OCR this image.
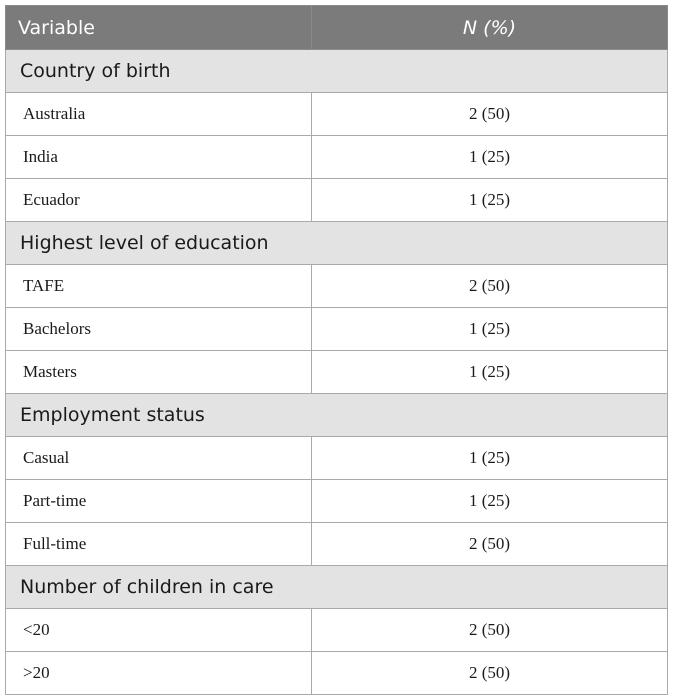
Variable	N (%)
Country of birth	
Australia	2 (50)
India	1 (25)
Ecuador	1 (25)
Highest level of education	
TAFE	2 (50)
Bachelors	1 (25)
Masters	1 (25)
Employment status	
Casual	1 (25)
Part-time	1 (25)
Full-time	2 (50)
Number of children in care	
<20	2 (50)
>20	2 (50)
